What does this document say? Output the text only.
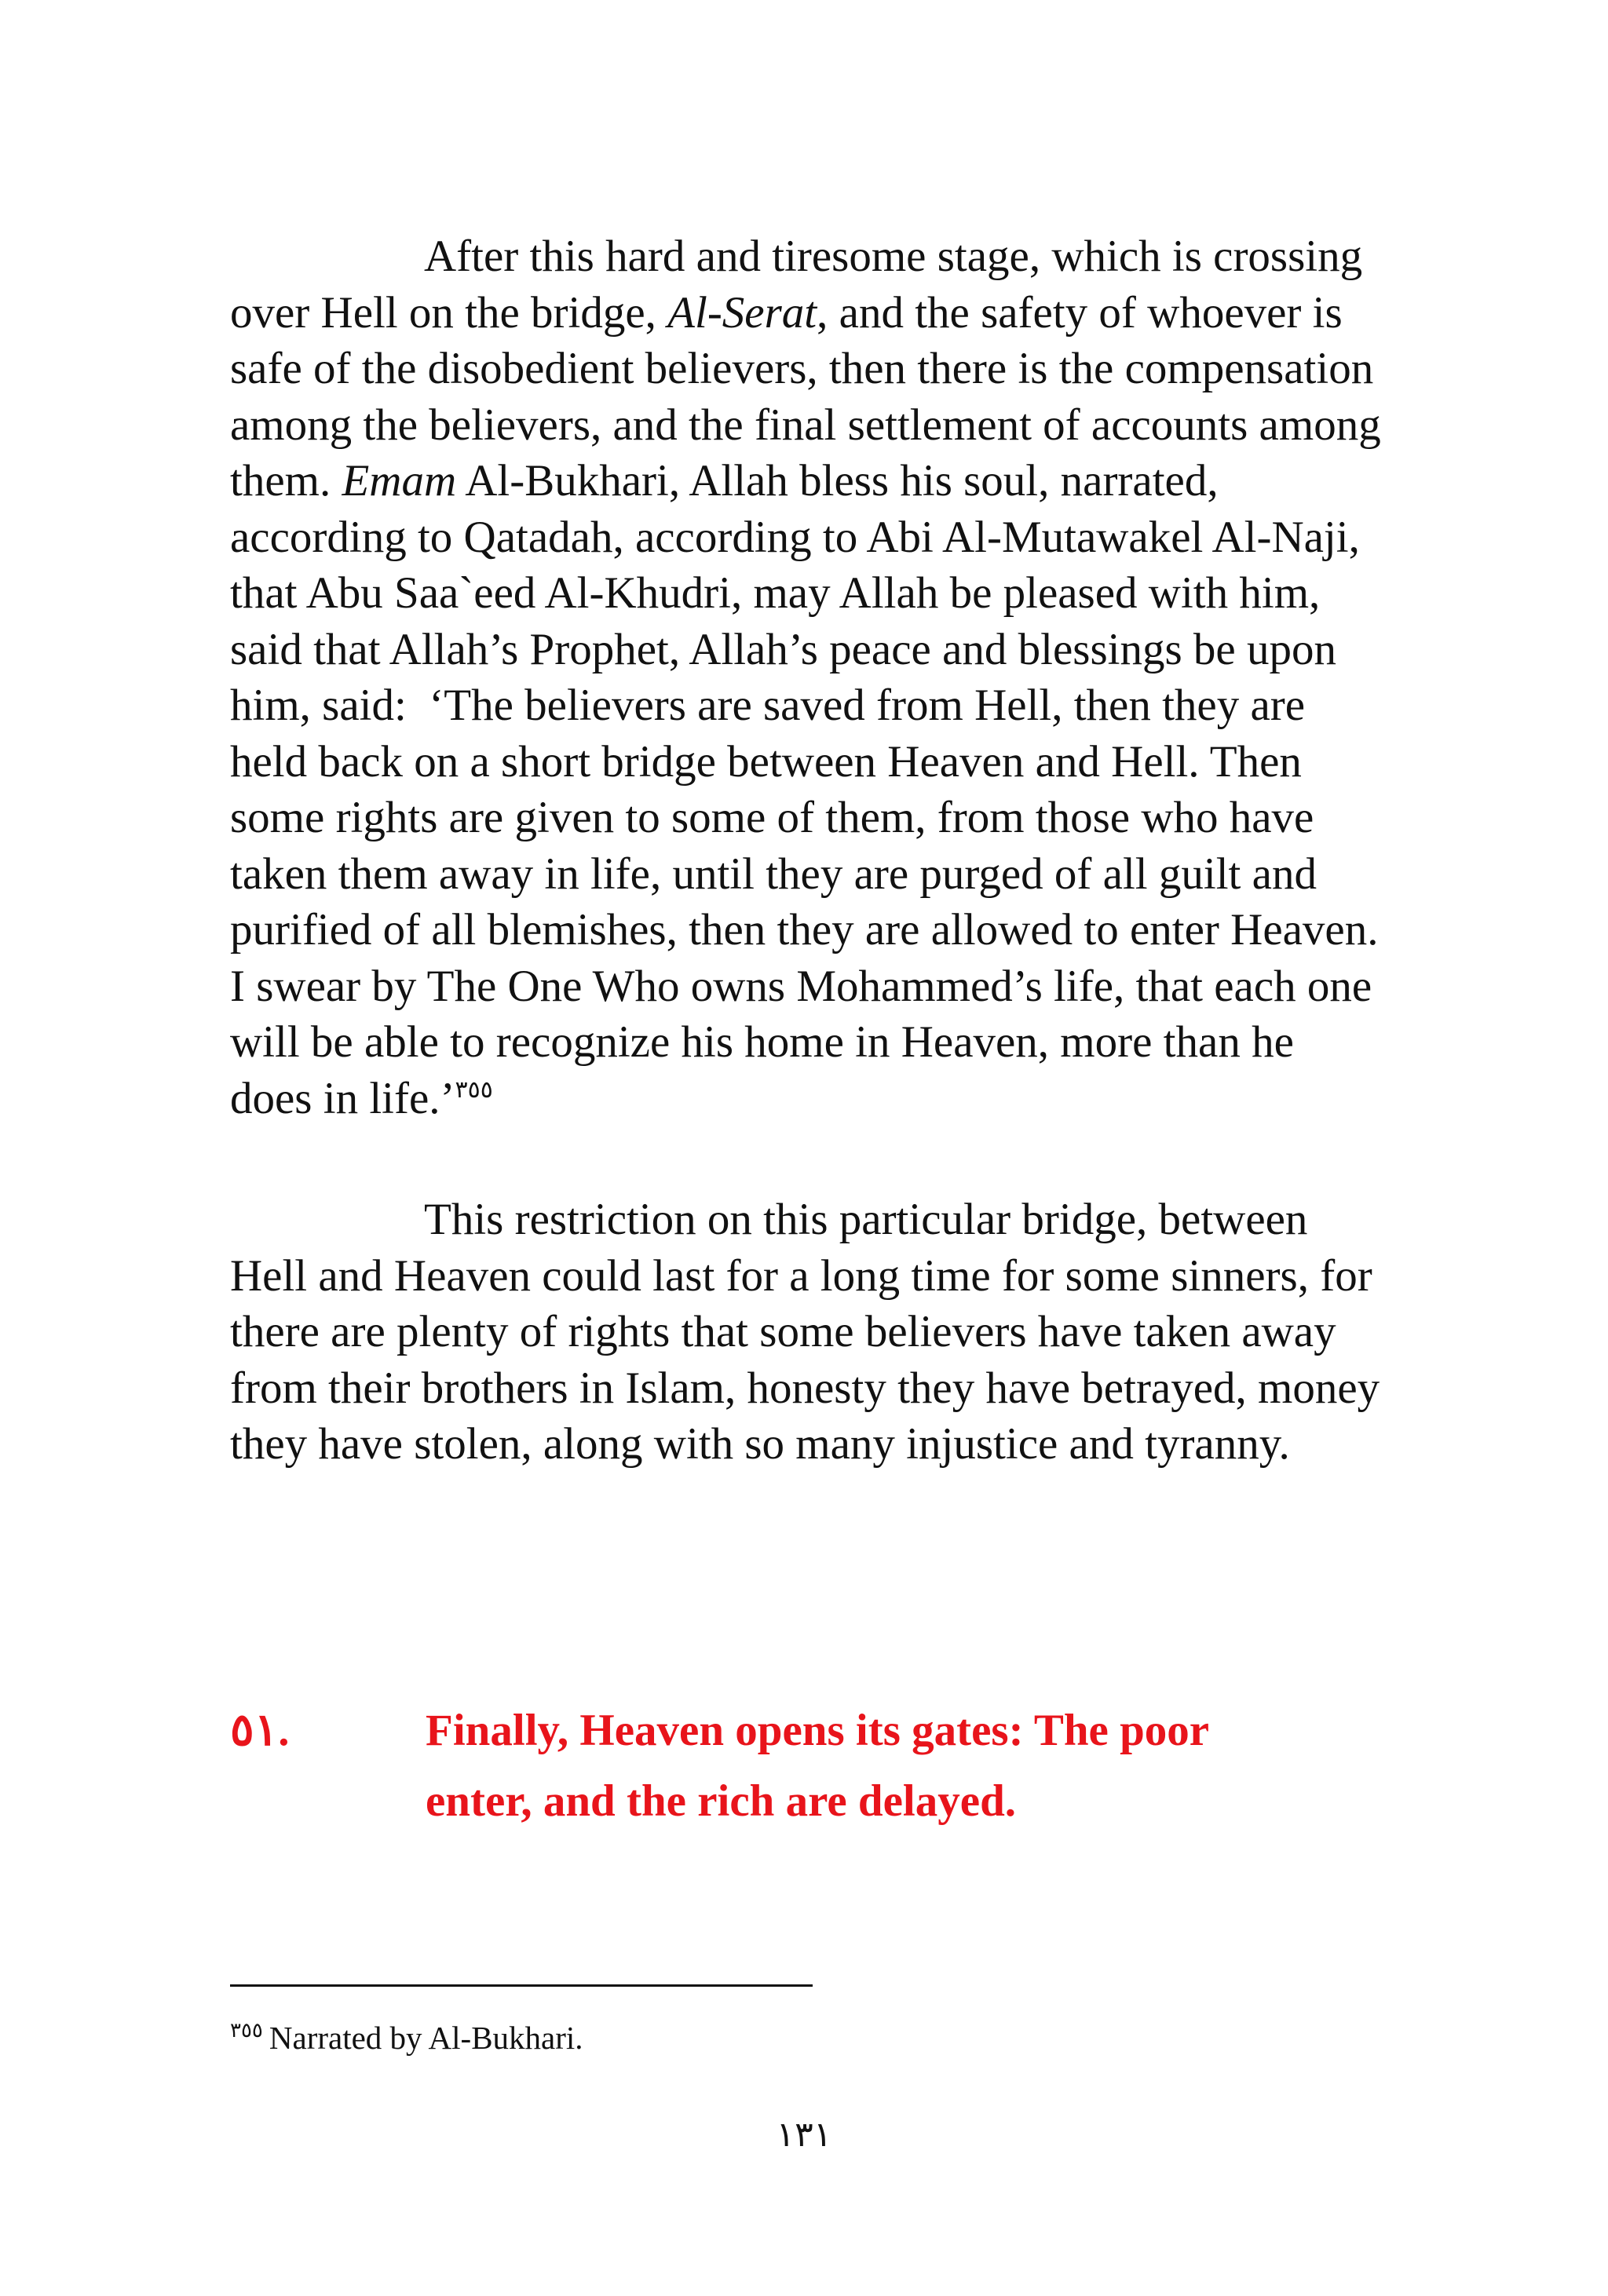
After this hard and tiresome stage, which is crossing over Hell on the bridge, Al-Serat, and the safety of whoever is safe of the disobedient believers, then there is the compensation among the believers, and the final settlement of accounts among them. Emam Al-Bukhari, Allah bless his soul, narrated, according to Qatadah, according to Abi Al-Mutawakel Al-Naji, that Abu Saa`eed Al-Khudri, may Allah be pleased with him, said that Allah’s Prophet, Allah’s peace and blessings be upon him, said:  ‘The believers are saved from Hell, then they are held back on a short bridge between Heaven and Hell. Then some rights are given to some of them, from those who have taken them away in life, until they are purged of all guilt and purified of all blemishes, then they are allowed to enter Heaven. I swear by The One Who owns Mohammed’s life, that each one will be able to recognize his home in Heaven, more than he does in life.’$^{٣٥٥}$

This restriction on this particular bridge, between Hell and Heaven could last for a long time for some sinners, for there are plenty of rights that some believers have taken away from their brothers in Islam, honesty they have betrayed, money they have stolen, along with so many injustice and tyranny.

٥١.	Finally, Heaven opens its gates: The poor
enter, and the rich are delayed.
$^{٣٥٥}$ Narrated by Al-Bukhari.
١٣١
